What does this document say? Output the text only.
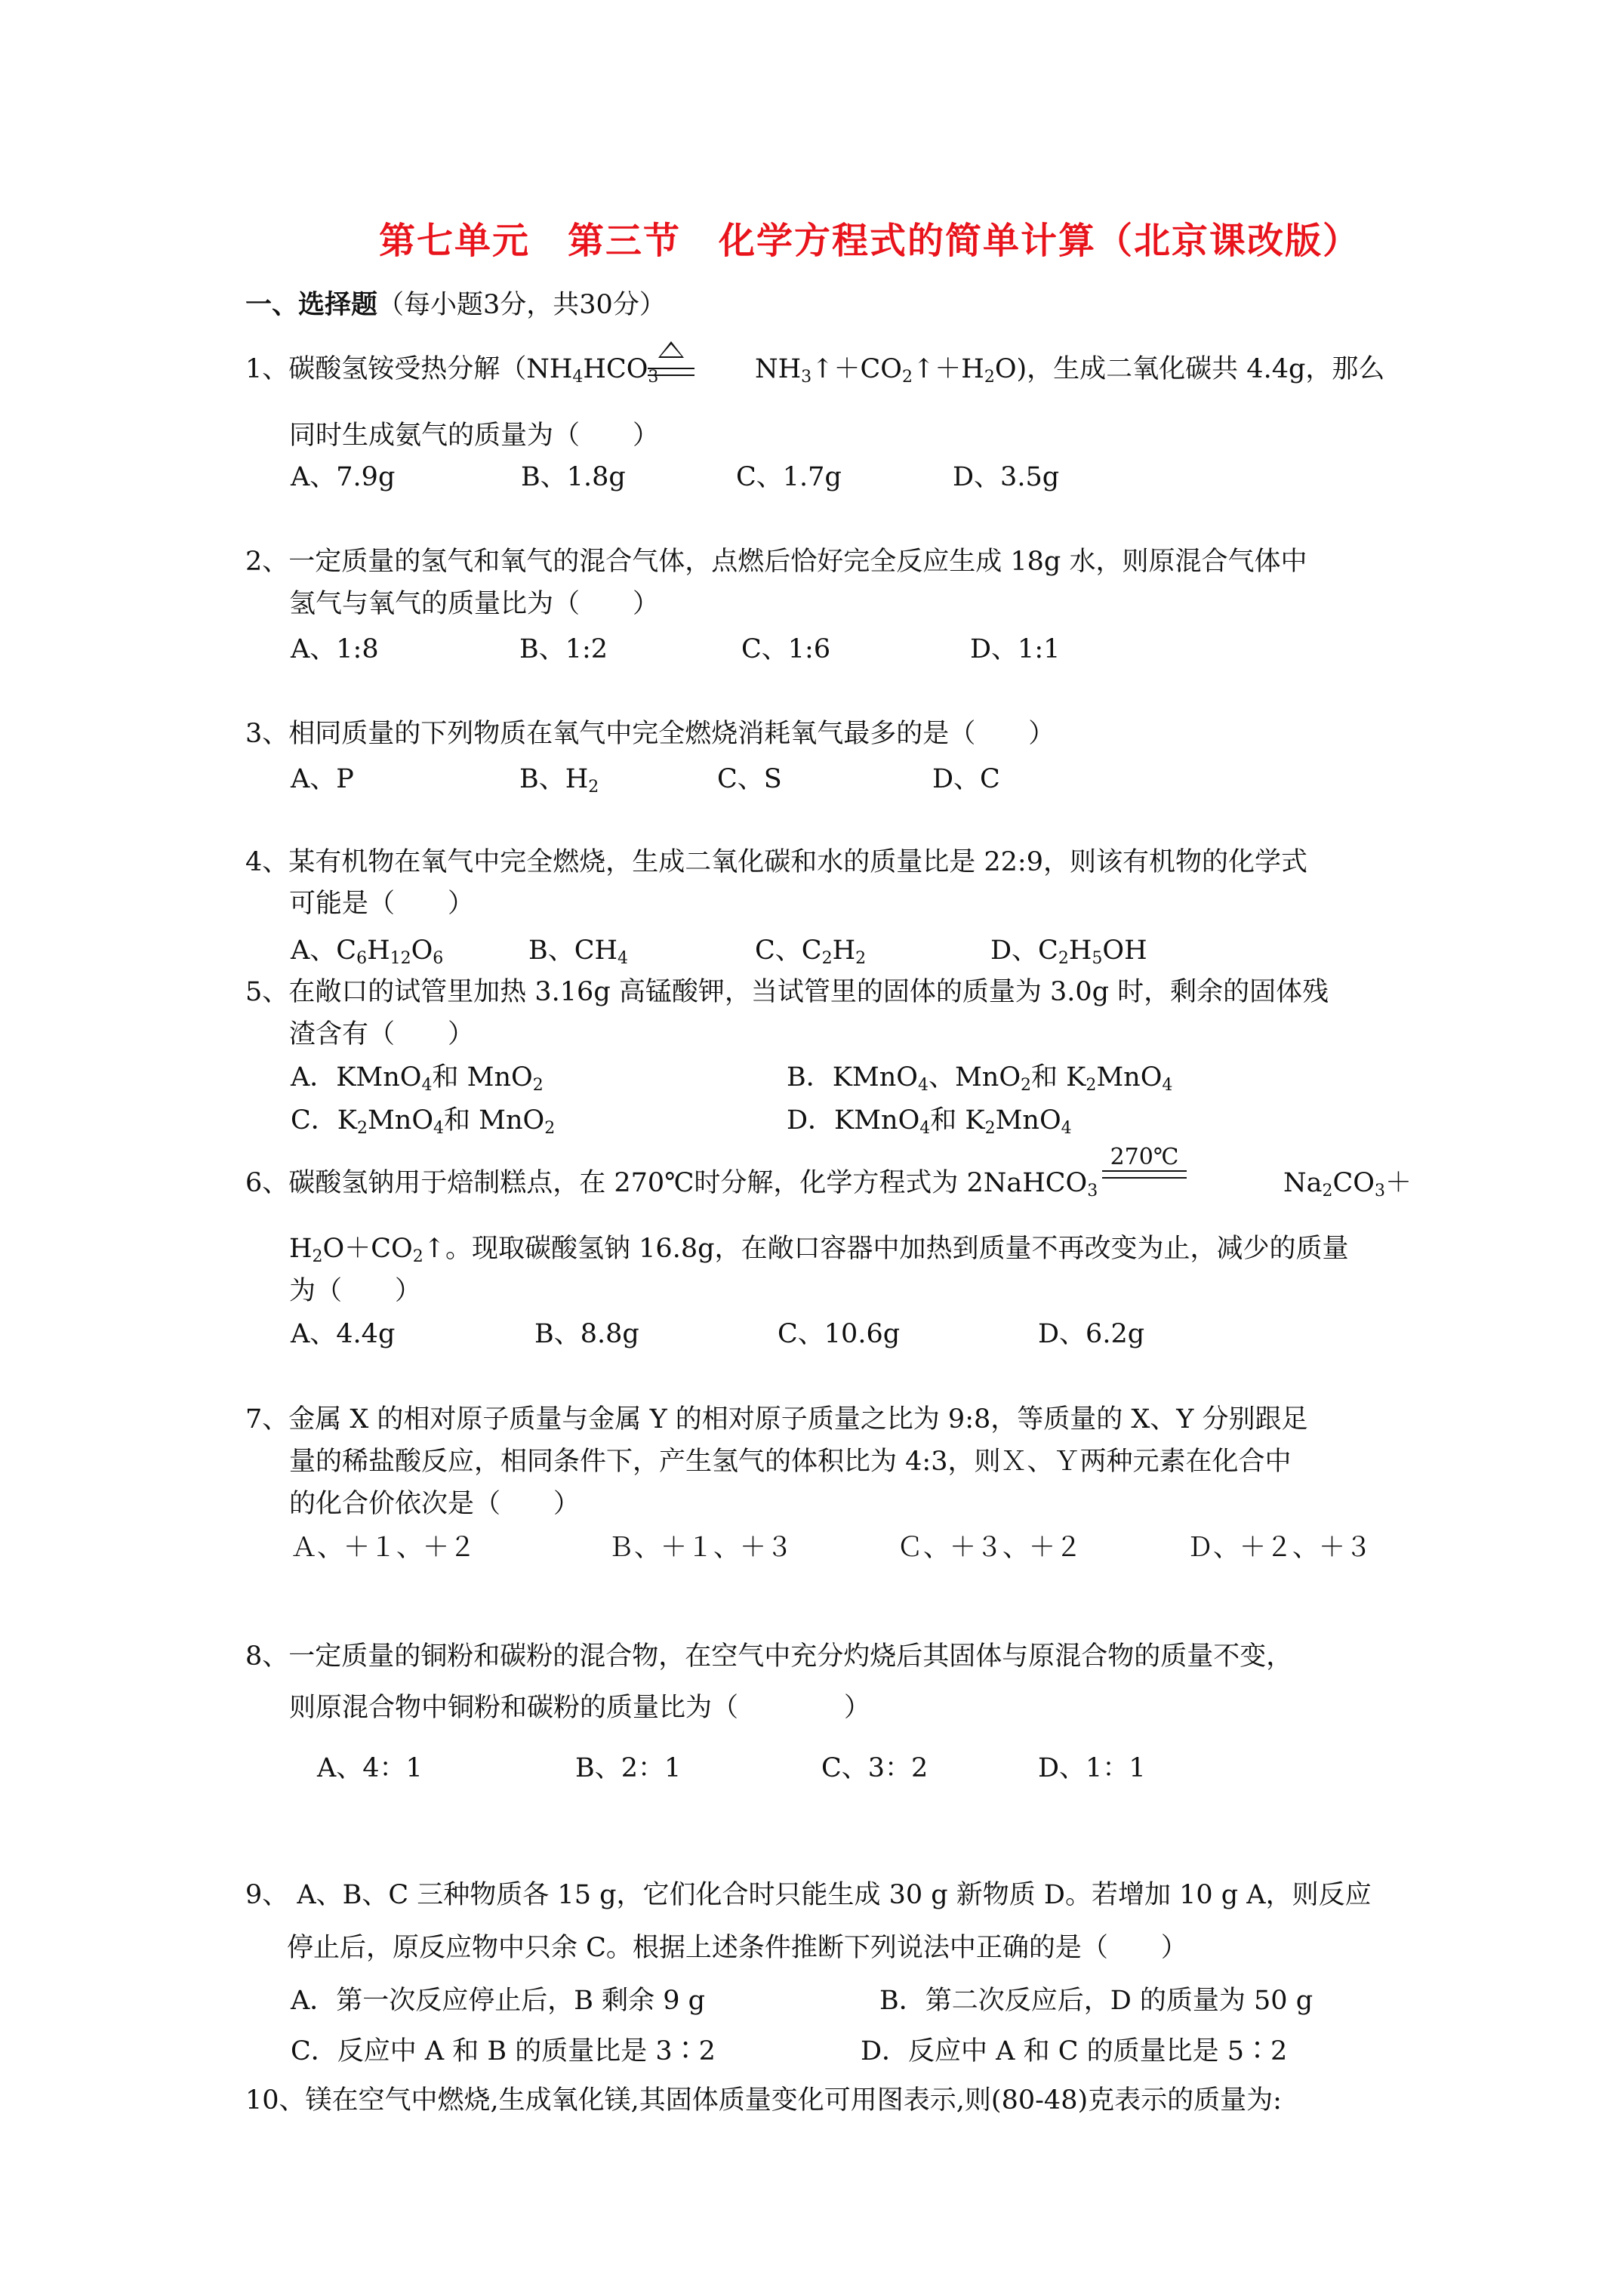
第七单元　第三节　化学方程式的简单计算（北京课改版）
一、选择题（每小题3分，共30分）
1、碳酸氢铵受热分解（$NH_4HCO_3$	$NH_3↑+CO_2↑+H_2O$)，生成二氧化碳共 4.4g，那么
同时生成氨气的质量为（　　）
A、7.9g	B、1.8g	C、1.7g	D、3.5g
2、一定质量的氢气和氧气的混合气体，点燃后恰好完全反应生成 18g 水，则原混合气体中
氢气与氧气的质量比为（　　）
A、1:8	B、1:2	C、1:6	D、1:1
3、相同质量的下列物质在氧气中完全燃烧消耗氧气最多的是（　　）
A、P	B、$H_2$	C、S	D、C
4、某有机物在氧气中完全燃烧，生成二氧化碳和水的质量比是 22:9，则该有机物的化学式
可能是（　　）
A、$C_6H_{12}O_6$	B、$CH_4$	C、$C_2H_2$	D、$C_2H_5OH$
5、在敞口的试管里加热 3.16g 高锰酸钾，当试管里的固体的质量为 3.0g 时，剩余的固体残
渣含有（　　）
A．KMnO$_4$和 MnO$_2$	B．KMnO$_4$、MnO$_2$和 $K_2MnO_4$
C．$K_2MnO_4$和 MnO$_2$	D．KMnO$_4$和 $K_2MnO_4$
6、碳酸氢钠用于焙制糕点，在 270℃时分解，化学方程式为 2NaHCO$_3$
270℃
$Na_2CO_3+$
$H_2O+CO_2↑$。现取碳酸氢钠 16.8g，在敞口容器中加热到质量不再改变为止，减少的质量
为（　　）
A、4.4g	B、8.8g	C、10.6g	D、6.2g
7、金属 X 的相对原子质量与金属 Y 的相对原子质量之比为 9:8，等质量的 X、Y 分别跟足
量的稀盐酸反应，相同条件下，产生氢气的体积比为 4:3，则Ｘ、Ｙ两种元素在化合中
的化合价依次是（　　）
Ａ、＋１、＋２	Ｂ、＋１、＋３	Ｃ、＋３、＋２	Ｄ、＋２、＋３
8、一定质量的铜粉和碳粉的混合物，在空气中充分灼烧后其固体与原混合物的质量不变，
则原混合物中铜粉和碳粉的质量比为（　　　　）
A、4：1	B、2：1	C、3：2	D、1：1
9、 A、B、C 三种物质各 15 g，它们化合时只能生成 30 g 新物质 D。若增加 10 g A，则反应
停止后，原反应物中只余 C。根据上述条件推断下列说法中正确的是（　　）
A．第一次反应停止后，B 剩余 9 g	B．第二次反应后，D 的质量为 50 g
C．反应中 A 和 B 的质量比是 3∶2	D．反应中 A 和 C 的质量比是 5∶2
10、镁在空气中燃烧,生成氧化镁,其固体质量变化可用图表示,则(80-48)克表示的质量为:
